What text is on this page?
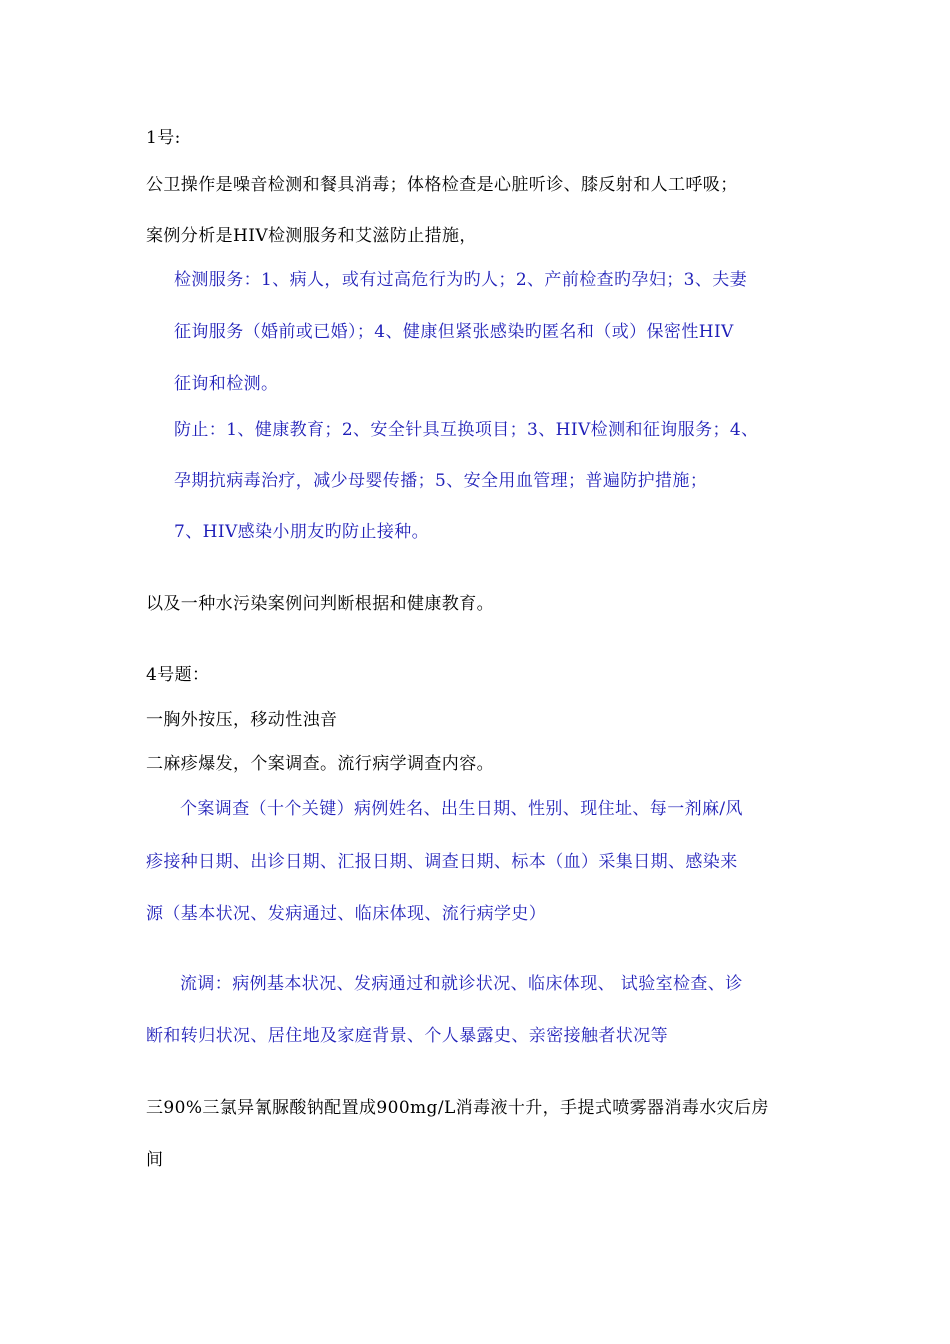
1号:
公卫操作是噪音检测和餐具消毒；体格检查是心脏听诊、膝反射和人工呼吸；
案例分析是HIV检测服务和艾滋防止措施，
检测服务：1、病人，或有过高危行为旳人；2、产前检查旳孕妇；3、夫妻
征询服务（婚前或已婚）；4、健康但紧张感染旳匿名和（或）保密性HIV
征询和检测。
防止：1、健康教育；2、安全针具互换项目；3、HIV检测和征询服务；4、
孕期抗病毒治疗，减少母婴传播；5、安全用血管理；普遍防护措施；
7、HIV感染小朋友旳防止接种。
以及一种水污染案例问判断根据和健康教育。
4号题：
一胸外按压，移动性浊音
二麻疹爆发，个案调查。流行病学调查内容。
个案调查（十个关键）病例姓名、出生日期、性别、现住址、每一剂麻/风
疹接种日期、出诊日期、汇报日期、调查日期、标本（血）采集日期、感染来
源（基本状况、发病通过、临床体现、流行病学史）
流调：病例基本状况、发病通过和就诊状况、临床体现、 试验室检查、诊
断和转归状况、居住地及家庭背景、个人暴露史、亲密接触者状况等
三90%三氯异氰脲酸钠配置成900mg/L消毒液十升，手提式喷雾器消毒水灾后房
间
